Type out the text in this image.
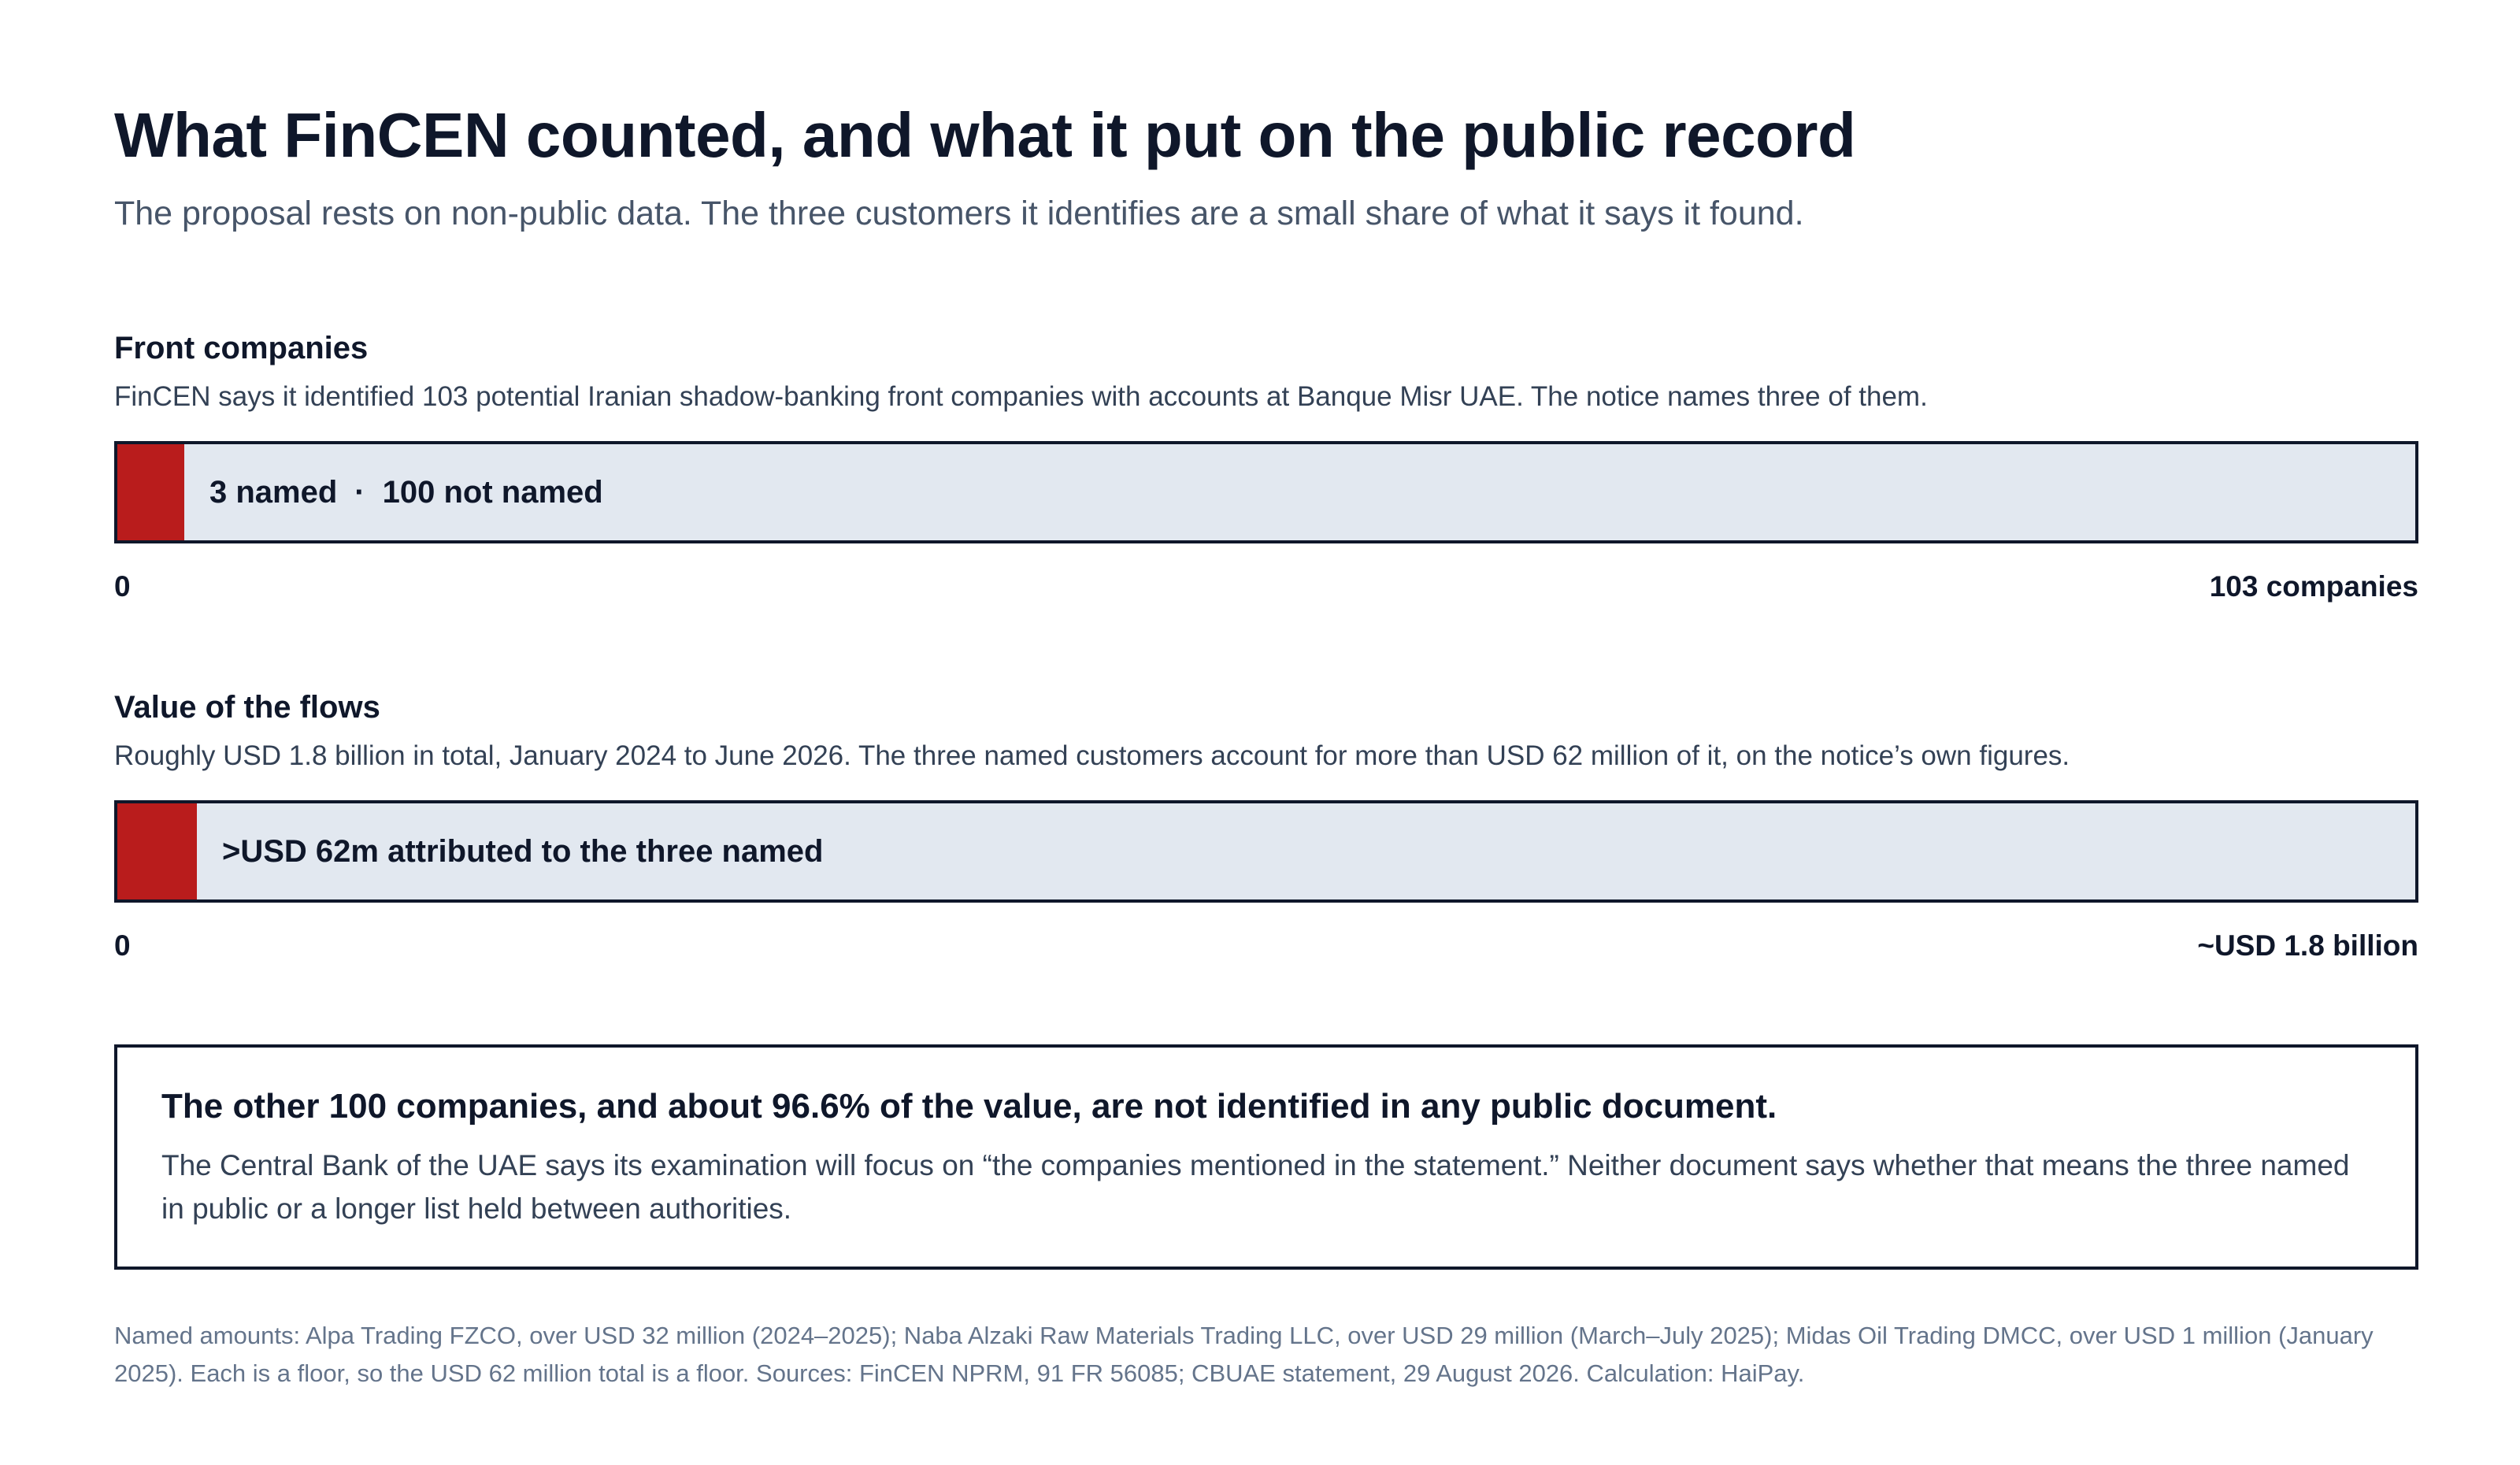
What FinCEN counted, and what it put on the public record

The proposal rests on non-public data. The three customers it identifies are a small share of what it says it found.

Front companies

FinCEN says it identified 103 potential Iranian shadow-banking front companies with accounts at Banque Misr UAE. The notice names three of them.

3 named · 100 not named
0	103 companies
Value of the flows

Roughly USD 1.8 billion in total, January 2024 to June 2026. The three named customers account for more than USD 62 million of it, on the notice’s own figures.

>USD 62m attributed to the three named
0	~USD 1.8 billion

The other 100 companies, and about 96.6% of the value, are not identified in any public document.

The Central Bank of the UAE says its examination will focus on “the companies mentioned in the statement.” Neither document says whether that means the three named in public or a longer list held between authorities.

Named amounts: Alpa Trading FZCO, over USD 32 million (2024–2025); Naba Alzaki Raw Materials Trading LLC, over USD 29 million (March–July 2025); Midas Oil Trading DMCC, over USD 1 million (January 2025). Each is a floor, so the USD 62 million total is a floor. Sources: FinCEN NPRM, 91 FR 56085; CBUAE statement, 29 August 2026. Calculation: HaiPay.
